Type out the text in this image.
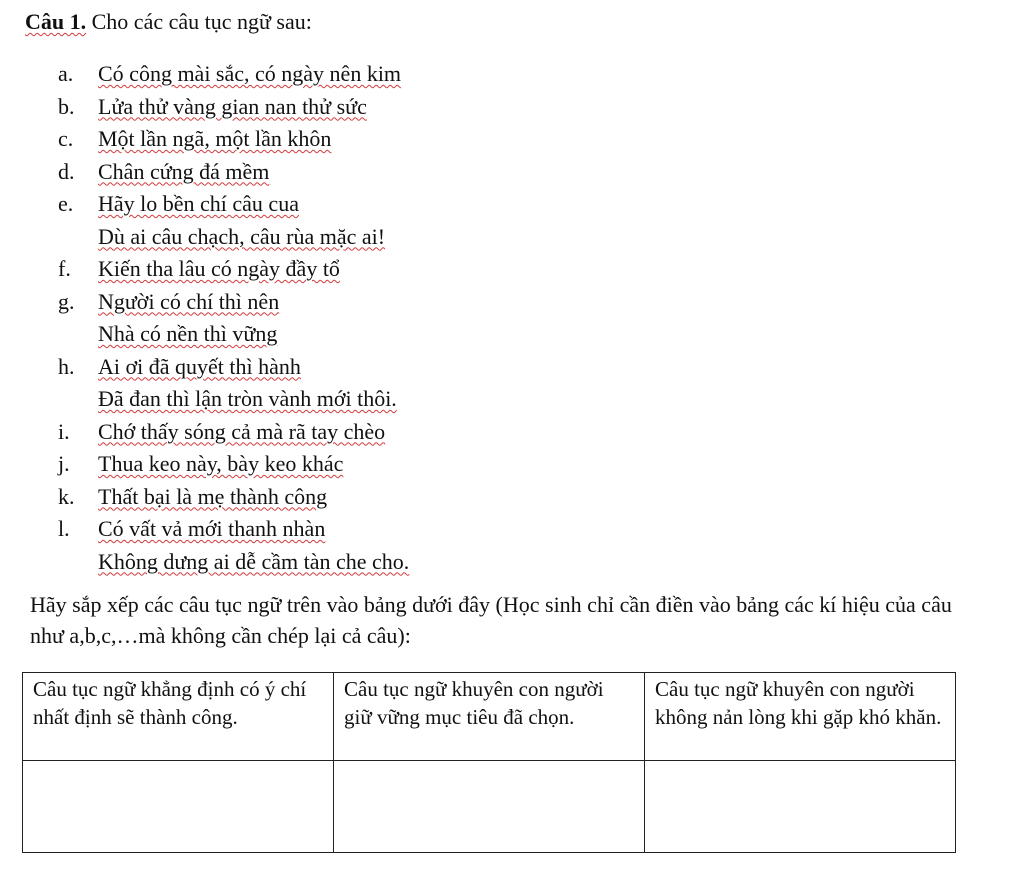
Câu 1. Cho các câu tục ngữ sau:
a. Có công mài sắc, có ngày nên kim
b. Lửa thử vàng gian nan thử sức
c. Một lần ngã, một lần khôn
d. Chân cứng đá mềm
e. Hãy lo bền chí câu cua
Dù ai câu chạch, câu rùa mặc ai!
f. Kiến tha lâu có ngày đầy tổ
g. Người có chí thì nên
Nhà có nền thì vững
h. Ai ơi đã quyết thì hành
Đã đan thì lận tròn vành mới thôi.
i. Chớ thấy sóng cả mà rã tay chèo
j. Thua keo này, bày keo khác
k. Thất bại là mẹ thành công
l. Có vất vả mới thanh nhàn
Không dưng ai dễ cầm tàn che cho.
Hãy sắp xếp các câu tục ngữ trên vào bảng dưới đây (Học sinh chỉ cần điền vào bảng các kí hiệu của câu như a,b,c,…mà không cần chép lại cả câu):
Câu tục ngữ khẳng định có ý chí nhất định sẽ thành công.	Câu tục ngữ khuyên con người giữ vững mục tiêu đã chọn.	Câu tục ngữ khuyên con người không nản lòng khi gặp khó khăn.
